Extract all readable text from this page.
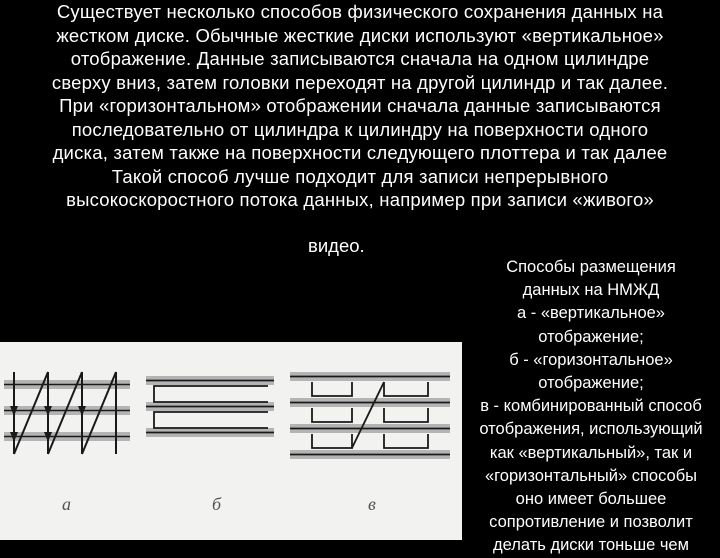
Существует несколько способов физического сохранения данных на
жестком диске. Обычные жесткие диски используют «вертикальное»
отображение. Данные записываются сначала на одном цилиндре
сверху вниз, затем головки переходят на другой цилиндр и так далее.
При «горизонтальном» отображении сначала данные записываются
последовательно от цилиндра к цилиндру на поверхности одного
диска, затем также на поверхности следующего плоттера и так далее
Такой способ лучше подходит для записи непрерывного
высокоскоростного потока данных, например при записи «живого»
видео.
а	б	в
Способы размещения
данных на НМЖД
а - «вертикальное»
отображение;
б - «горизонтальное»
отображение;
в - комбинированный способ
отображения, использующий
как «вертикальный», так и
«горизонтальный» способы
оно имеет большее
сопротивление и позволит
делать диски тоньше чем
